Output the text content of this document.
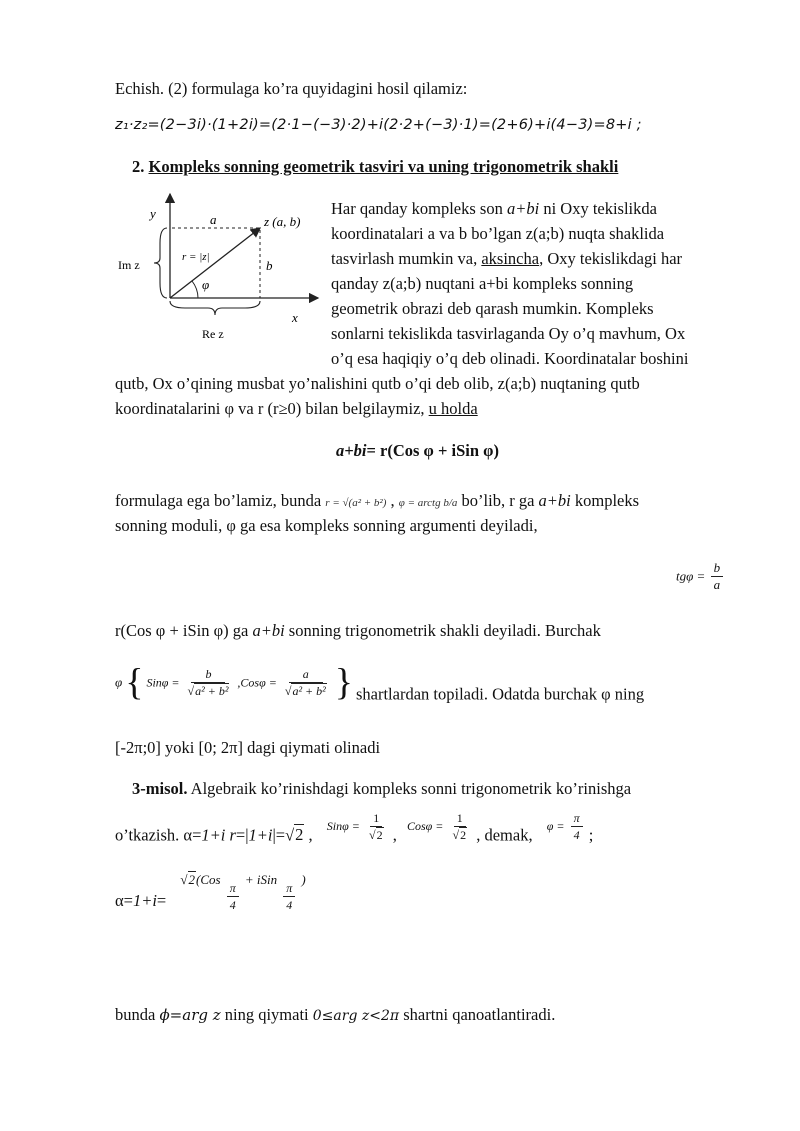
Echish. (2) formulaga ko’ra quyidagini hosil qilamiz:
z₁·z₂=(2−3i)·(1+2i)=(2·1−(−3)·2)+i(2·2+(−3)·1)=(2+6)+i(4−3)=8+i ;
2. Kompleks sonning geometrik tasviri va uning trigonometrik shakli
y
x
a
b
z (a, b)
r = |z|
φ
Im z
Re z
Har qanday kompleks son a+bi ni Oxy tekislikda
koordinatalari a va b bo’lgan z(a;b) nuqta shaklida
tasvirlash mumkin va, aksincha, Oxy tekislikdagi har
qanday z(a;b) nuqtani a+bi kompleks sonning
geometrik obrazi deb qarash mumkin. Kompleks
sonlarni tekislikda tasvirlaganda Oy o’q mavhum, Ox
o’q esa haqiqiy o’q deb olinadi. Koordinatalar boshini
qutb, Ox o’qining musbat yo’nalishini qutb o’qi deb olib, z(a;b) nuqtaning qutb
koordinatalarini φ va r (r≥0) bilan belgilaymiz, u holda
a+bi= r(Cos φ + iSin φ)
formulaga ega bo’lamiz, bunda r = √(a² + b²) , φ = arctg b/a bo’lib, r ga a+bi kompleks
sonning moduli, φ ga esa kompleks sonning argumenti deyiladi,
$tg\varphi = \frac{b}{a}$
r(Cos φ + iSin φ) ga a+bi sonning trigonometrik shakli deyiladi. Burchak
φ { $Sin\varphi = \frac{b}{\text{√a² + b²}} ,Cos\varphi = \frac{a}{\text{√a² + b²}}$ } shartlardan topiladi. Odatda burchak φ ning
[-2π;0] yoki [0; 2π] dagi qiymati olinadi
3-misol. Algebraik ko’rinishdagi kompleks sonni trigonometrik ko’rinishga
o’tkazish. α=1+i r=|1+i|=√2 , $Sin\varphi = \frac{1}{√2}$ , $Cos\varphi = \frac{1}{√2}$ , demak, $\varphi = \frac{\pi}{4}$ ;
α=1+i= $^{√2(Cos}$
$\frac{\pi}{4}$
$^{+ iSin}$
$\frac{\pi}{4}$
)
bunda ϕ=arg z ning qiymati 0≤arg z<2π shartni qanoatlantiradi.
